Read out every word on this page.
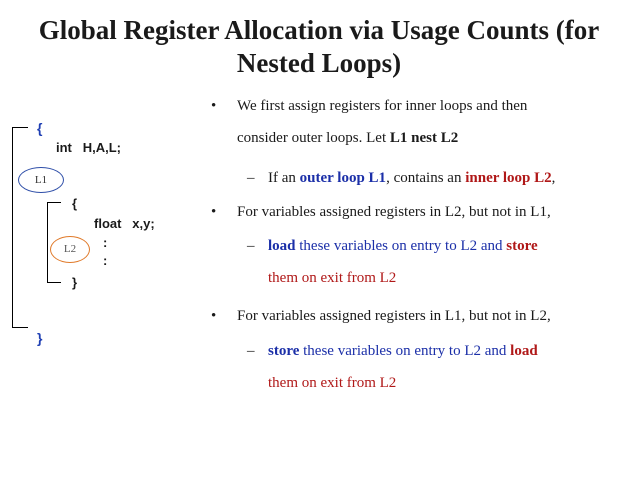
Global Register Allocation via Usage Counts (for
Nested Loops)
{
int   H,A,L;
L1
{
float   x,y;
:
:
L2
}
}
• We first assign registers for inner loops and then
consider outer loops. Let L1 nest L2
– If an outer loop L1, contains an inner loop L2,
• For variables assigned registers in L2, but not in L1,
– load these variables on entry to L2 and store
them on exit from L2
• For variables assigned registers in L1, but not in L2,
– store these variables on entry to L2 and load
them on exit from L2
